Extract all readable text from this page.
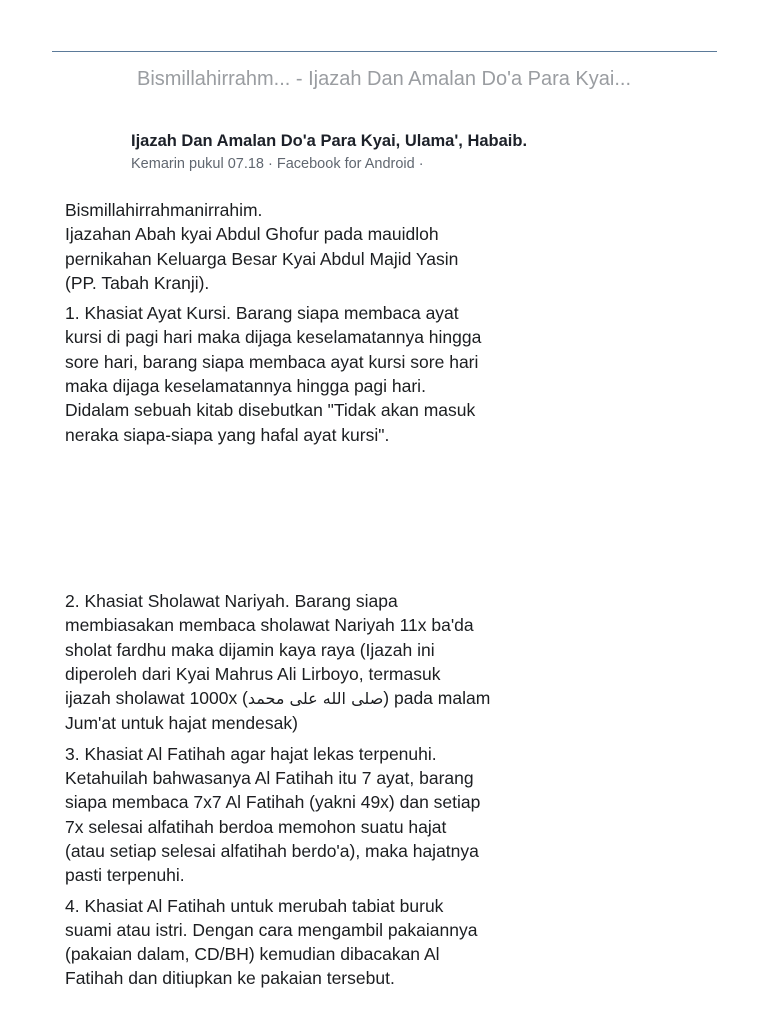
Bismillahirrahm... - Ijazah Dan Amalan Do'a Para Kyai...
Ijazah Dan Amalan Do'a Para Kyai, Ulama', Habaib.
Kemarin pukul 07.18 · Facebook for Android ·
Bismillahirrahmanirrahim.
Ijazahan Abah kyai Abdul Ghofur pada mauidloh
pernikahan Keluarga Besar Kyai Abdul Majid Yasin
(PP. Tabah Kranji).
1. Khasiat Ayat Kursi. Barang siapa membaca ayat
kursi di pagi hari maka dijaga keselamatannya hingga
sore hari, barang siapa membaca ayat kursi sore hari
maka dijaga keselamatannya hingga pagi hari.
Didalam sebuah kitab disebutkan "Tidak akan masuk
neraka siapa-siapa yang hafal ayat kursi".
2. Khasiat Sholawat Nariyah. Barang siapa
membiasakan membaca sholawat Nariyah 11x ba'da
sholat fardhu maka dijamin kaya raya (Ijazah ini
diperoleh dari Kyai Mahrus Ali Lirboyo, termasuk
ijazah sholawat 1000x (صلى الله على محمد) pada malam
Jum'at untuk hajat mendesak)
3. Khasiat Al Fatihah agar hajat lekas terpenuhi.
Ketahuilah bahwasanya Al Fatihah itu 7 ayat, barang
siapa membaca 7x7 Al Fatihah (yakni 49x) dan setiap
7x selesai alfatihah berdoa memohon suatu hajat
(atau setiap selesai alfatihah berdo'a), maka hajatnya
pasti terpenuhi.
4. Khasiat Al Fatihah untuk merubah tabiat buruk
suami atau istri. Dengan cara mengambil pakaiannya
(pakaian dalam, CD/BH) kemudian dibacakan Al
Fatihah dan ditiupkan ke pakaian tersebut.
